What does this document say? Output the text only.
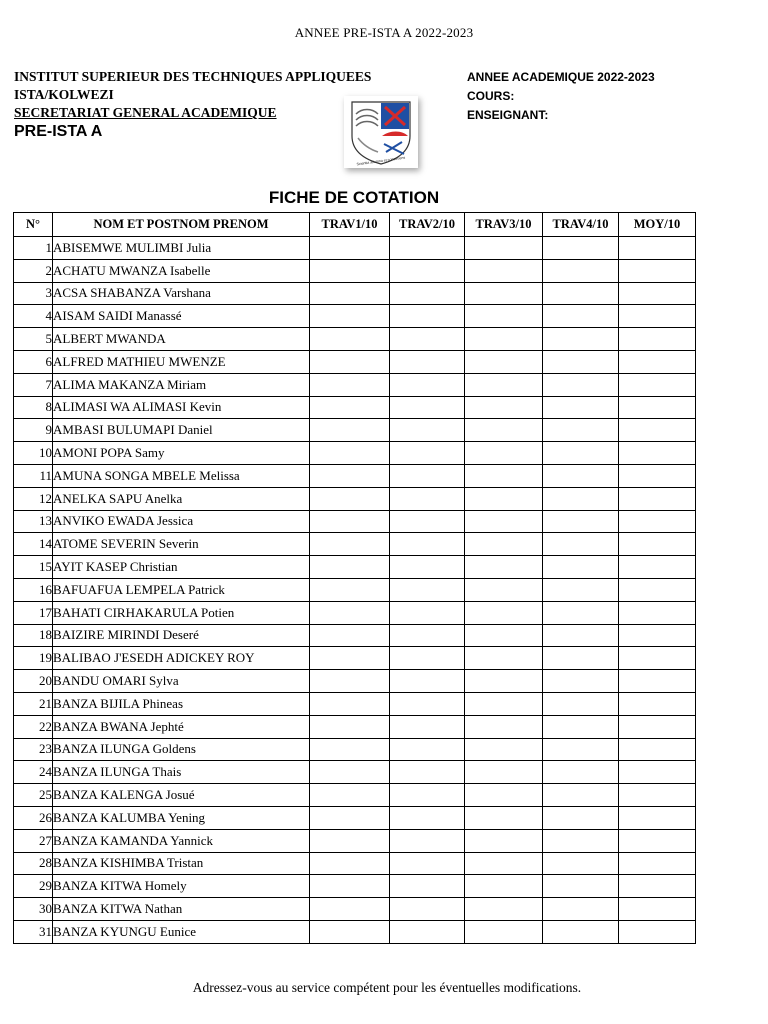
ANNEE PRE-ISTA A 2022-2023
INSTITUT SUPERIEUR DES TECHNIQUES APPLIQUEES
ISTA/KOLWEZI
SECRETARIAT GENERAL ACADEMIQUE
PRE-ISTA A
ANNEE ACADEMIQUE 2022-2023
COURS:
ENSEIGNANT:
Scientia allumna et construens
FICHE DE COTATION
N°	NOM ET POSTNOM PRENOM	TRAV1/10	TRAV2/10	TRAV3/10	TRAV4/10	MOY/10
1	ABISEMWE MULIMBI Julia					
2	ACHATU MWANZA Isabelle					
3	ACSA SHABANZA Varshana					
4	AISAM SAIDI Manassé					
5	ALBERT MWANDA					
6	ALFRED MATHIEU MWENZE					
7	ALIMA MAKANZA Miriam					
8	ALIMASI WA ALIMASI Kevin					
9	AMBASI BULUMAPI Daniel					
10	AMONI POPA Samy					
11	AMUNA SONGA MBELE Melissa					
12	ANELKA SAPU Anelka					
13	ANVIKO EWADA Jessica					
14	ATOME SEVERIN Severin					
15	AYIT KASEP Christian					
16	BAFUAFUA LEMPELA Patrick					
17	BAHATI CIRHAKARULA Potien					
18	BAIZIRE MIRINDI Deseré					
19	BALIBAO J'ESEDH ADICKEY ROY					
20	BANDU OMARI Sylva					
21	BANZA BIJILA Phineas					
22	BANZA BWANA Jephté					
23	BANZA ILUNGA Goldens					
24	BANZA ILUNGA Thais					
25	BANZA KALENGA Josué					
26	BANZA KALUMBA Yening					
27	BANZA KAMANDA Yannick					
28	BANZA KISHIMBA Tristan					
29	BANZA KITWA Homely					
30	BANZA KITWA Nathan					
31	BANZA KYUNGU Eunice					
Adressez-vous au service compétent pour les éventuelles modifications.
